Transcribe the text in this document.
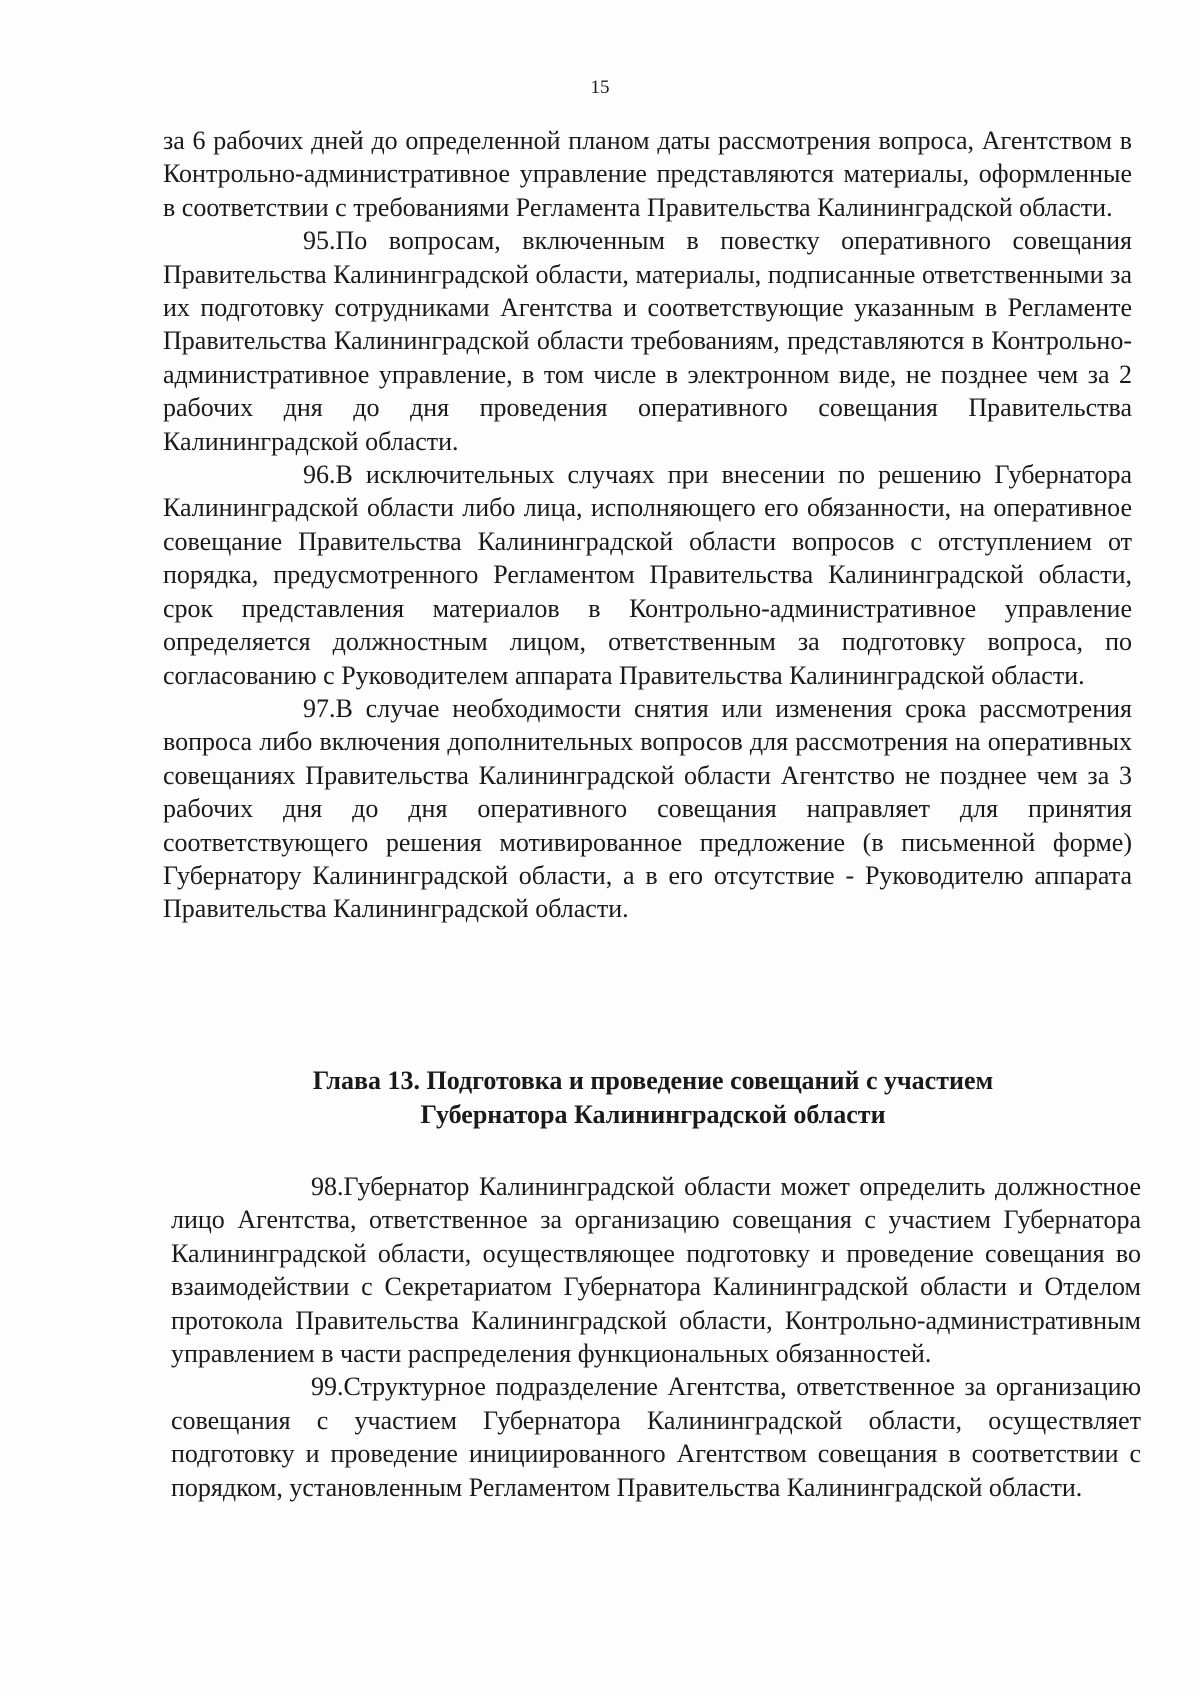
15

за 6 рабочих дней до определенной планом даты рассмотрения вопроса, Агентством в Контрольно-административное управление представляются материалы, оформленные в соответствии с требованиями Регламента Правительства Калининградской области.

95.По вопросам, включенным в повестку оперативного совещания Правительства Калининградской области, материалы, подписанные ответственными за их подготовку сотрудниками Агентства и соответствующие указанным в Регламенте Правительства Калининградской области требованиям, представляются в Контрольно-административное управление, в том числе в электронном виде, не позднее чем за 2 рабочих дня до дня проведения оперативного совещания Правительства Калининградской области.

96.В исключительных случаях при внесении по решению Губернатора Калининградской области либо лица, исполняющего его обязанности, на оперативное совещание Правительства Калининградской области вопросов с отступлением от порядка, предусмотренного Регламентом Правительства Калининградской области, срок представления материалов в Контрольно-административное управление определяется должностным лицом, ответственным за подготовку вопроса, по согласованию с Руководителем аппарата Правительства Калининградской области.

97.В случае необходимости снятия или изменения срока рассмотрения вопроса либо включения дополнительных вопросов для рассмотрения на оперативных совещаниях Правительства Калининградской области Агентство не позднее чем за 3 рабочих дня до дня оперативного совещания направляет для принятия соответствующего решения мотивированное предложение (в письменной форме) Губернатору Калининградской области, а в его отсутствие - Руководителю аппарата Правительства Калининградской области.

Глава 13. Подготовка и проведение совещаний с участием
Губернатора Калининградской области

98.Губернатор Калининградской области может определить должностное лицо Агентства, ответственное за организацию совещания с участием Губернатора Калининградской области, осуществляющее подготовку и проведение совещания во взаимодействии с Секретариатом Губернатора Калининградской области и Отделом протокола Правительства Калининградской области, Контрольно-административным управлением в части распределения функциональных обязанностей.

99.Структурное подразделение Агентства, ответственное за организацию совещания с участием Губернатора Калининградской области, осуществляет подготовку и проведение инициированного Агентством совещания в соответствии с порядком, установленным Регламентом Правительства Калининградской области.
